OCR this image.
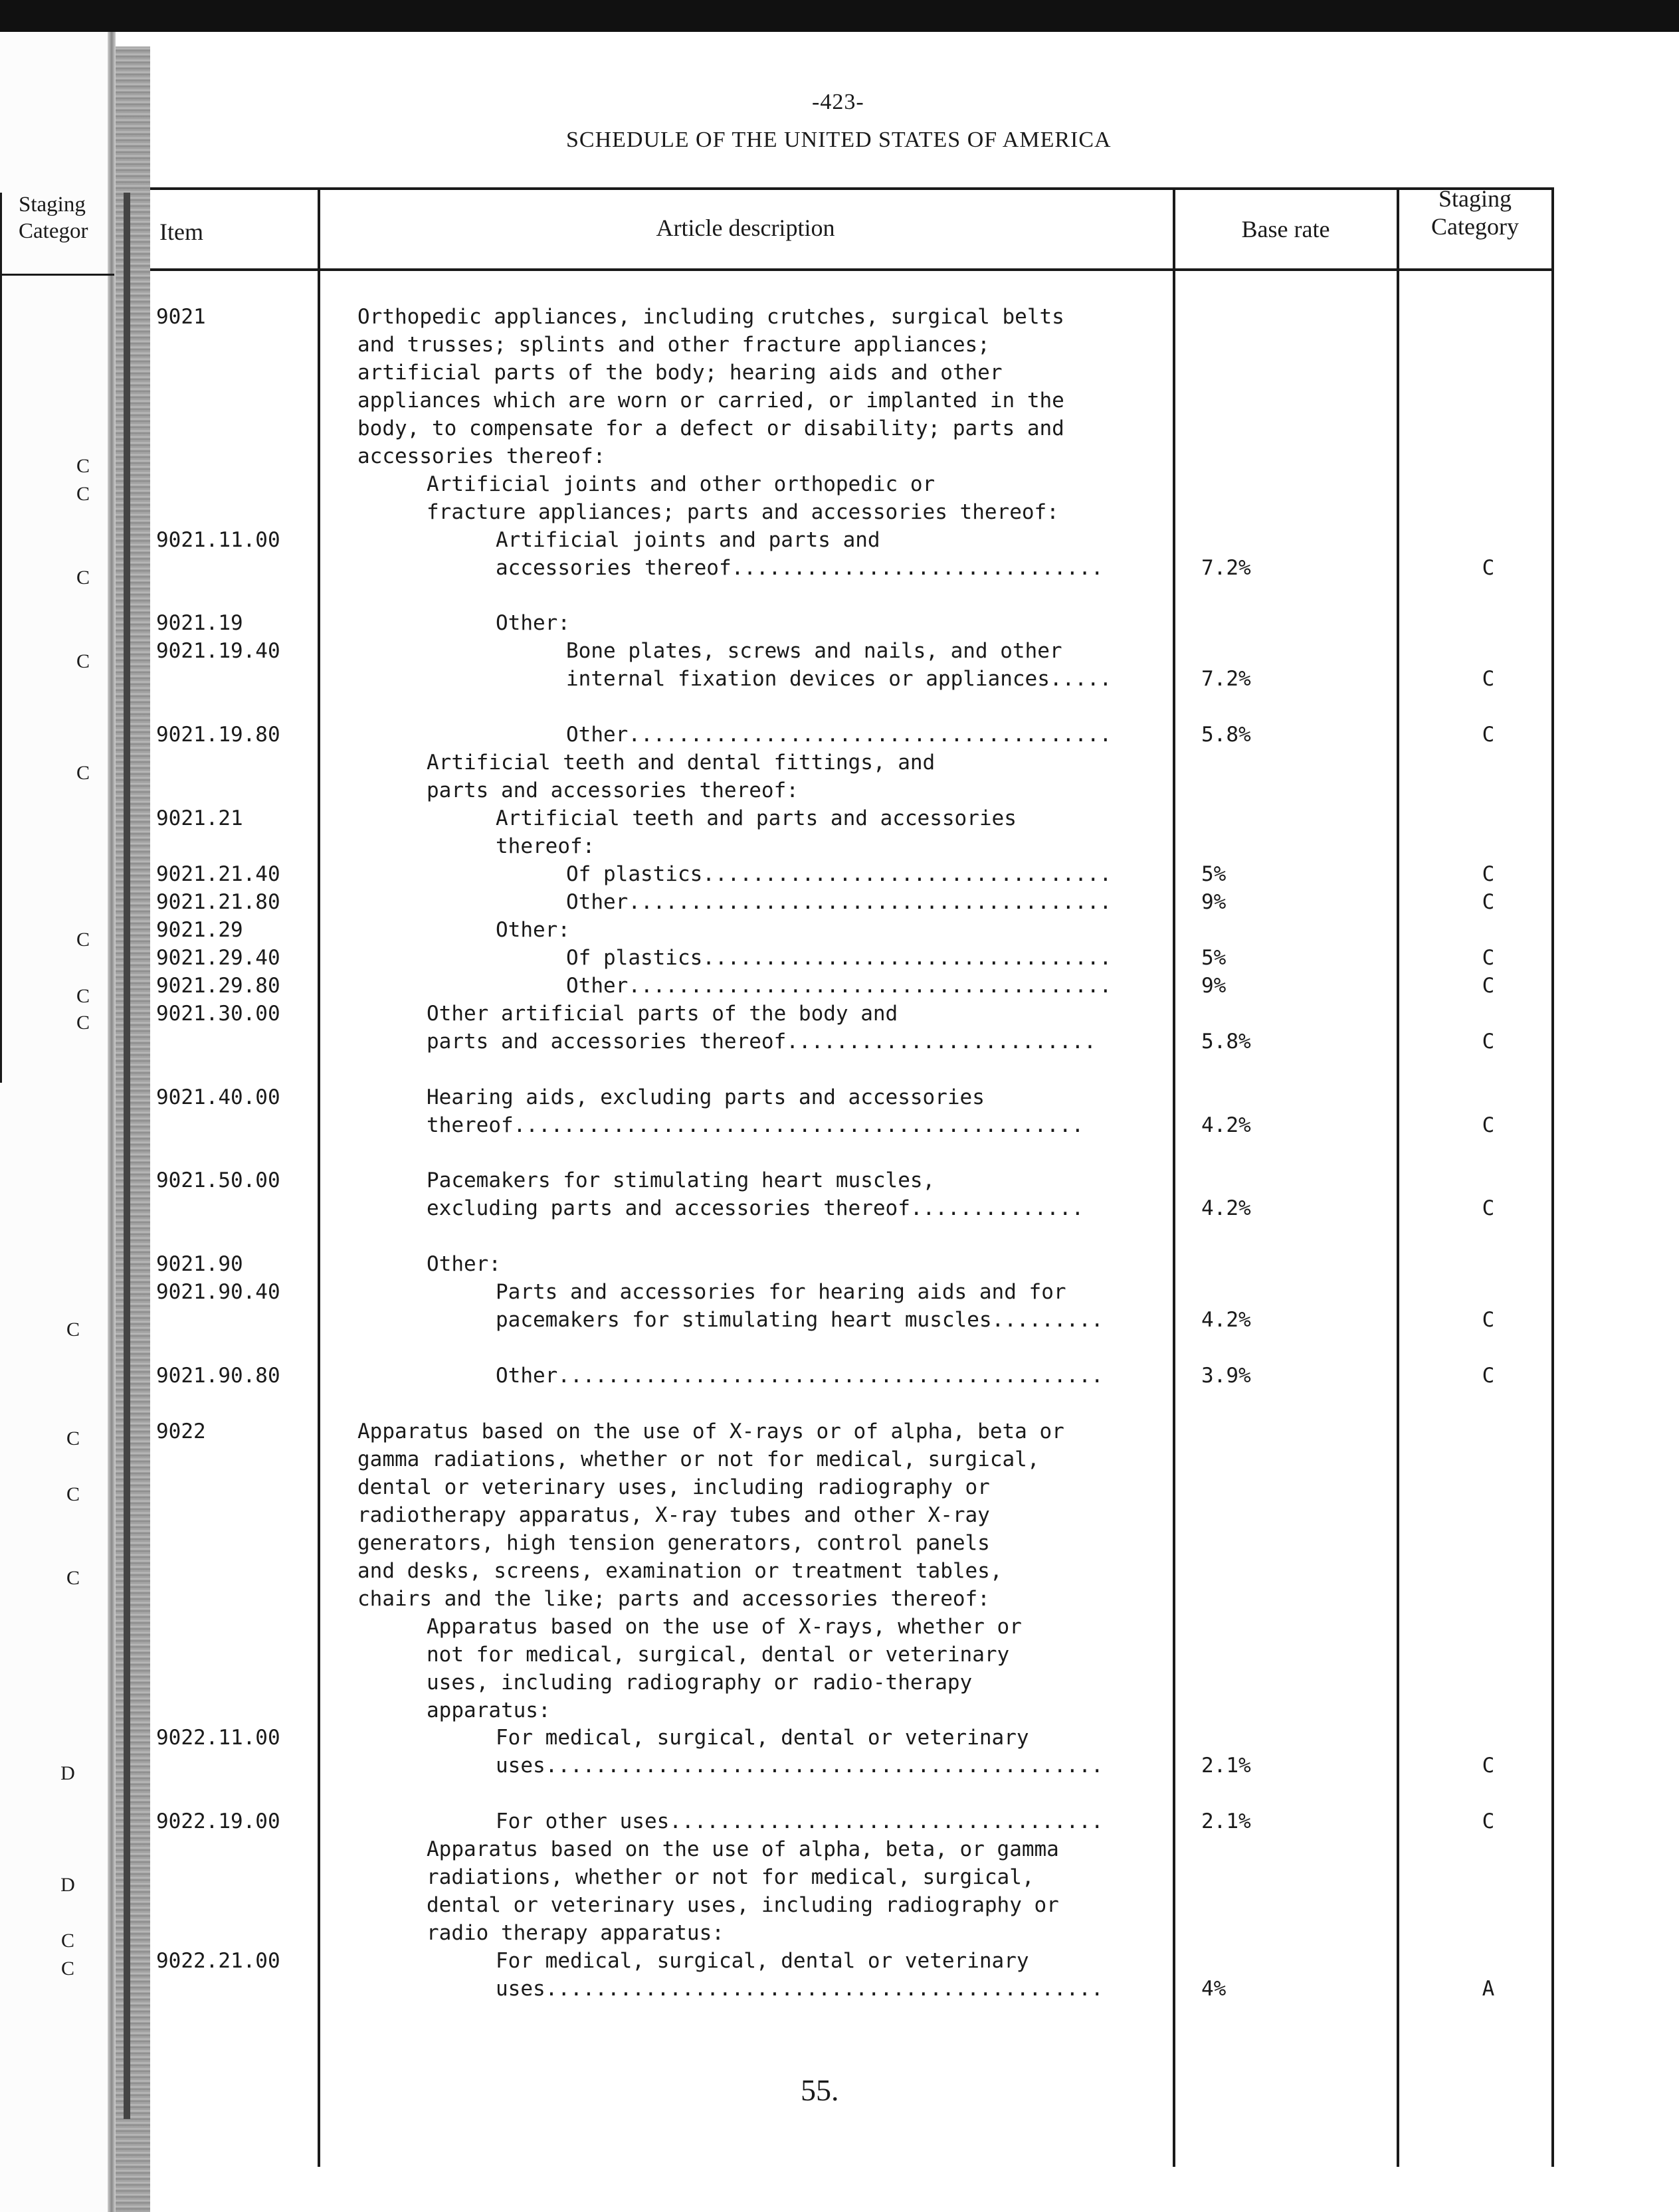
Staging
Categor
C
C
C
C
C
C
C
C
C
C
C
C
D
D
C
C
-423-
SCHEDULE OF THE UNITED STATES OF AMERICA
Item	Article description	Base rate
Staging
Category
9021	Orthopedic appliances, including crutches, surgical belts
and trusses; splints and other fracture appliances;
artificial parts of the body; hearing aids and other
appliances which are worn or carried, or implanted in the
body, to compensate for a defect or disability; parts and
accessories thereof:
Artificial joints and other orthopedic or
fracture appliances; parts and accessories thereof:
9021.11.00	Artificial joints and parts and
accessories thereof..............................	7.2%	C
9021.19	Other:
9021.19.40	Bone plates, screws and nails, and other
internal fixation devices or appliances.....	7.2%	C
9021.19.80	Other.......................................	5.8%	C
Artificial teeth and dental fittings, and
parts and accessories thereof:
9021.21	Artificial teeth and parts and accessories
thereof:
9021.21.40	Of plastics.................................	5%	C
9021.21.80	Other.......................................	9%	C
9021.29	Other:
9021.29.40	Of plastics.................................	5%	C
9021.29.80	Other.......................................	9%	C
9021.30.00	Other artificial parts of the body and
parts and accessories thereof.........................	5.8%	C
9021.40.00	Hearing aids, excluding parts and accessories
thereof..............................................	4.2%	C
9021.50.00	Pacemakers for stimulating heart muscles,
excluding parts and accessories thereof..............	4.2%	C
9021.90	Other:
9021.90.40	Parts and accessories for hearing aids and for
pacemakers for stimulating heart muscles.........	4.2%	C
9021.90.80	Other............................................	3.9%	C
9022	Apparatus based on the use of X-rays or of alpha, beta or
gamma radiations, whether or not for medical, surgical,
dental or veterinary uses, including radiography or
radiotherapy apparatus, X-ray tubes and other X-ray
generators, high tension generators, control panels
and desks, screens, examination or treatment tables,
chairs and the like; parts and accessories thereof:
Apparatus based on the use of X-rays, whether or
not for medical, surgical, dental or veterinary
uses, including radiography or radio-therapy
apparatus:
9022.11.00	For medical, surgical, dental or veterinary
uses.............................................	2.1%	C
9022.19.00	For other uses...................................	2.1%	C
Apparatus based on the use of alpha, beta, or gamma
radiations, whether or not for medical, surgical,
dental or veterinary uses, including radiography or
radio therapy apparatus:
9022.21.00	For medical, surgical, dental or veterinary
uses.............................................	4%	A
55.
